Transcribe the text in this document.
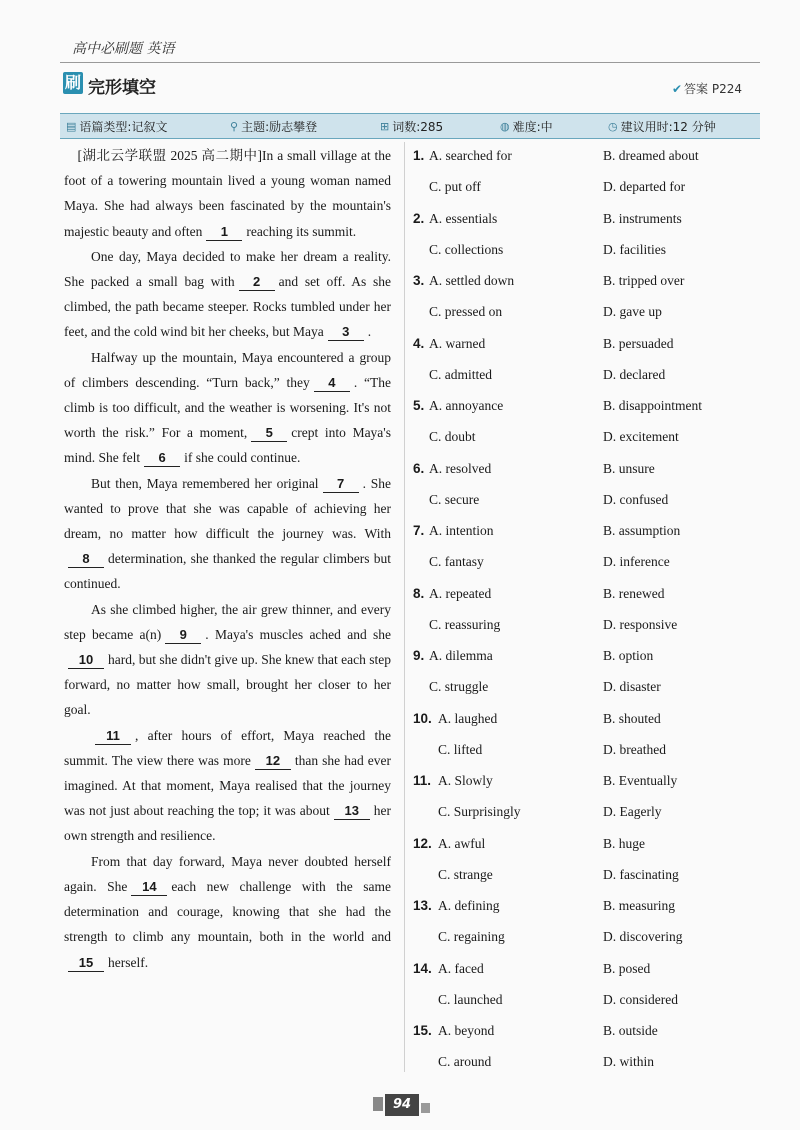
高中必刷题 英语
刷 完形填空	✔ 答案 P224
▤ 语篇类型:记叙文	⚲ 主题:励志攀登	⊞ 词数:285	◍ 难度:中	◷ 建议用时:12 分钟

[湖北云学联盟 2025 高二期中]In a small village at the foot of a towering mountain lived a young woman named Maya. She had always been fascinated by the mountain's majestic beauty and often 1 reaching its summit.

One day, Maya decided to make her dream a reality. She packed a small bag with 2 and set off. As she climbed, the path became steeper. Rocks tumbled under her feet, and the cold wind bit her cheeks, but Maya 3 .

Halfway up the mountain, Maya encountered a group of climbers descending. “Turn back,” they 4 . “The climb is too difficult, and the weather is worsening. It's not worth the risk.” For a moment, 5 crept into Maya's mind. She felt 6 if she could continue.

But then, Maya remembered her original 7 . She wanted to prove that she was capable of achieving her dream, no matter how difficult the journey was. With8 determination, she thanked the regular climbers but continued.

As she climbed higher, the air grew thinner, and every step became a(n) 9 . Maya's muscles ached and she10 hard, but she didn't give up. She knew that each step forward, no matter how small, brought her closer to her goal.

11 , after hours of effort, Maya reached the summit. The view there was more 12 than she had ever imagined. At that moment, Maya realised that the journey was not just about reaching the top; it was about 13 her own strength and resilience.

From that day forward, Maya never doubted herself again. She 14 each new challenge with the same determination and courage, knowing that she had the strength to climb any mountain, both in the world and15 herself.

1. A. searched for	B. dreamed about
C. put off	D. departed for
2. A. essentials	B. instruments
C. collections	D. facilities
3. A. settled down	B. tripped over
C. pressed on	D. gave up
4. A. warned	B. persuaded
C. admitted	D. declared
5. A. annoyance	B. disappointment
C. doubt	D. excitement
6. A. resolved	B. unsure
C. secure	D. confused
7. A. intention	B. assumption
C. fantasy	D. inference
8. A. repeated	B. renewed
C. reassuring	D. responsive
9. A. dilemma	B. option
C. struggle	D. disaster
10. A. laughed	B. shouted
C. lifted	D. breathed
11. A. Slowly	B. Eventually
C. Surprisingly	D. Eagerly
12. A. awful	B. huge
C. strange	D. fascinating
13. A. defining	B. measuring
C. regaining	D. discovering
14. A. faced	B. posed
C. launched	D. considered
15. A. beyond	B. outside
C. around	D. within
94
